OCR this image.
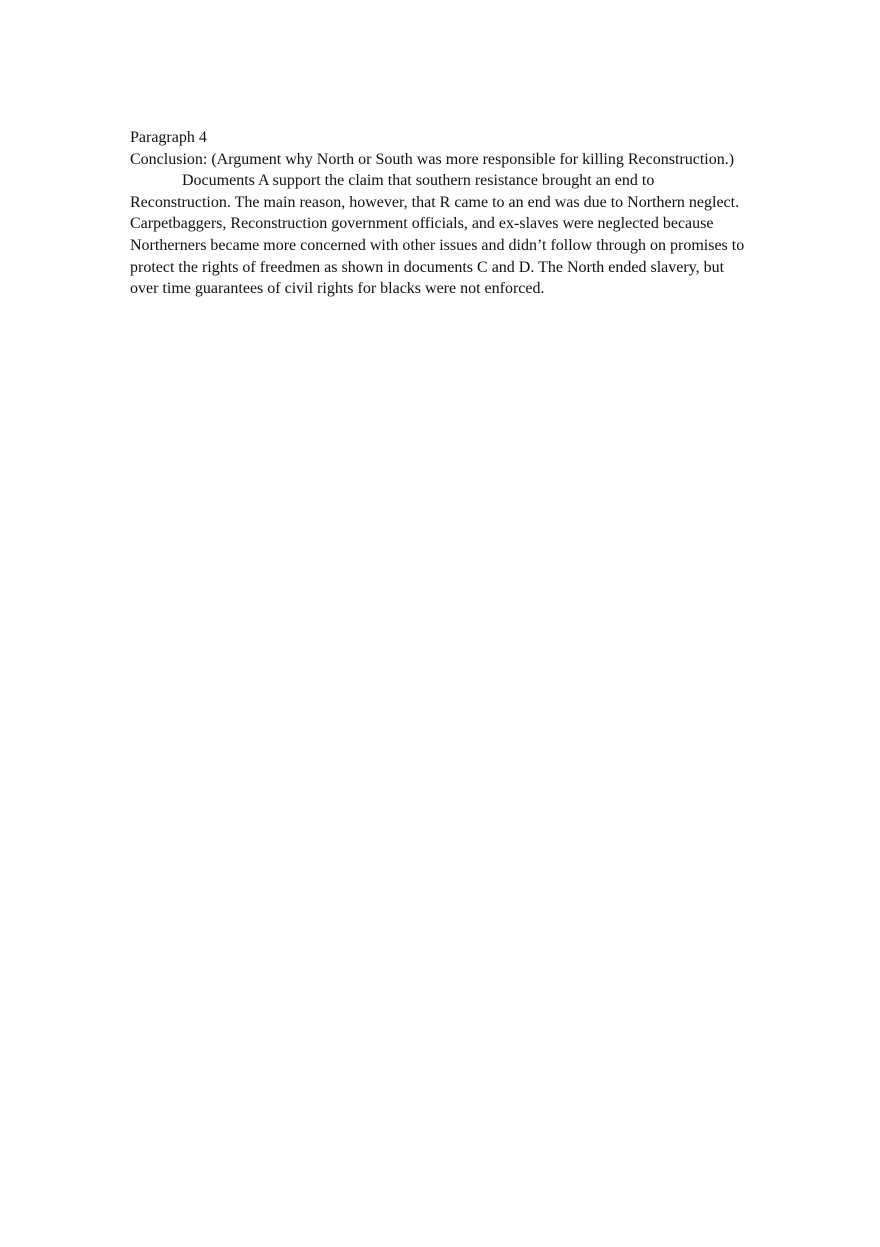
Paragraph 4

Conclusion: (Argument why North or South was more responsible for killing Reconstruction.)

Documents A support the claim that southern resistance brought an end to Reconstruction. The main reason, however, that R came to an end was due to Northern neglect. Carpetbaggers, Reconstruction government officials, and ex-slaves were neglected because Northerners became more concerned with other issues and didn’t follow through on promises to protect the rights of freedmen as shown in documents C and D. The North ended slavery, but over time guarantees of civil rights for blacks were not enforced.
